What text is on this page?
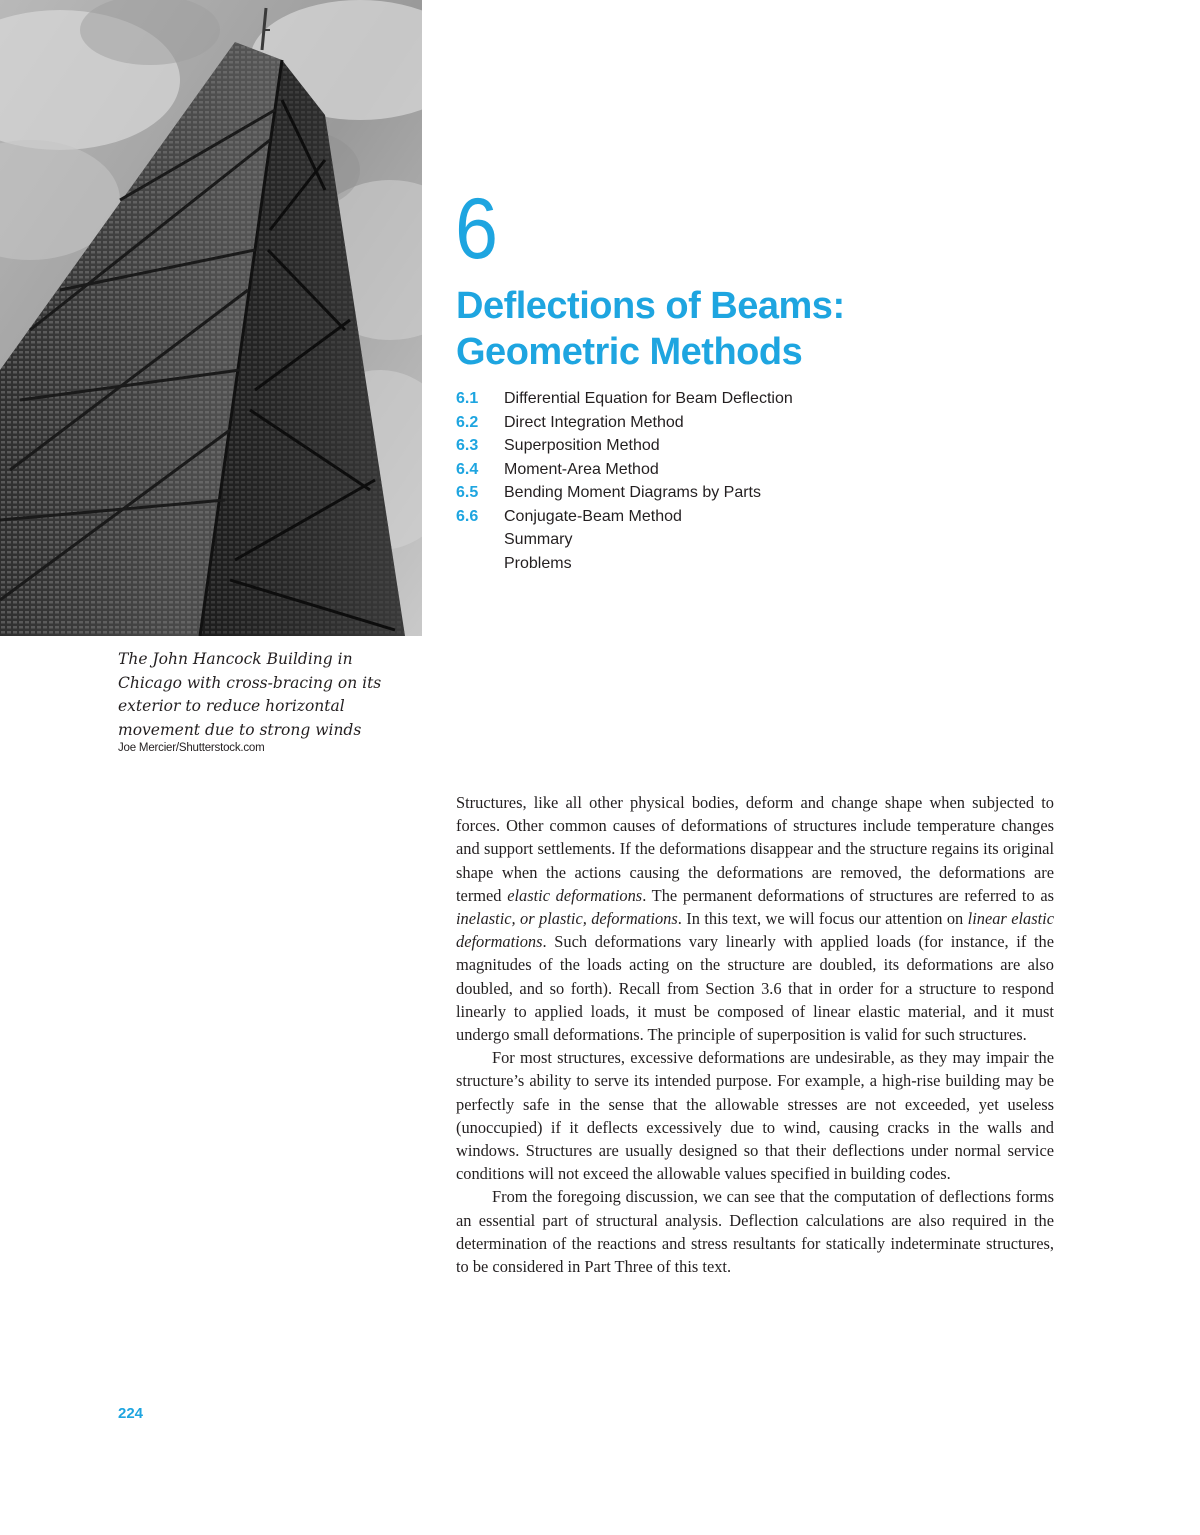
The John Hancock Building in
Chicago with cross-bracing on its
exterior to reduce horizontal
movement due to strong winds
Joe Mercier/Shutterstock.com
6
Deflections of Beams:
Geometric Methods
6.1 Differential Equation for Beam Deflection
6.2 Direct Integration Method
6.3 Superposition Method
6.4 Moment-Area Method
6.5 Bending Moment Diagrams by Parts
6.6 Conjugate-Beam Method
Summary
Problems

Structures, like all other physical bodies, deform and change shape when subjected to forces. Other common causes of deformations of structures include temperature changes and support settlements. If the deformations disappear and the structure regains its original shape when the actions causing the deformations are removed, the deformations are termed elastic deformations. The permanent deformations of structures are referred to as inelastic, or plastic, deformations. In this text, we will focus our attention on linear elastic deformations. Such deformations vary linearly with applied loads (for instance, if the magnitudes of the loads acting on the structure are doubled, its deformations are also doubled, and so forth). Recall from Section 3.6 that in order for a structure to respond linearly to applied loads, it must be composed of linear elastic material, and it must undergo small deformations. The principle of superposition is valid for such structures.

For most structures, excessive deformations are undesirable, as they may impair the structure’s ability to serve its intended purpose. For example, a high-rise building may be perfectly safe in the sense that the allowable stresses are not exceeded, yet useless (unoccupied) if it deflects excessively due to wind, causing cracks in the walls and windows. Structures are usually designed so that their deflections under normal service conditions will not exceed the allowable values specified in building codes.

From the foregoing discussion, we can see that the computation of deflections forms an essential part of structural analysis. Deflection calculations are also required in the determination of the reactions and stress resultants for statically indeterminate structures, to be considered in Part Three of this text.

224
